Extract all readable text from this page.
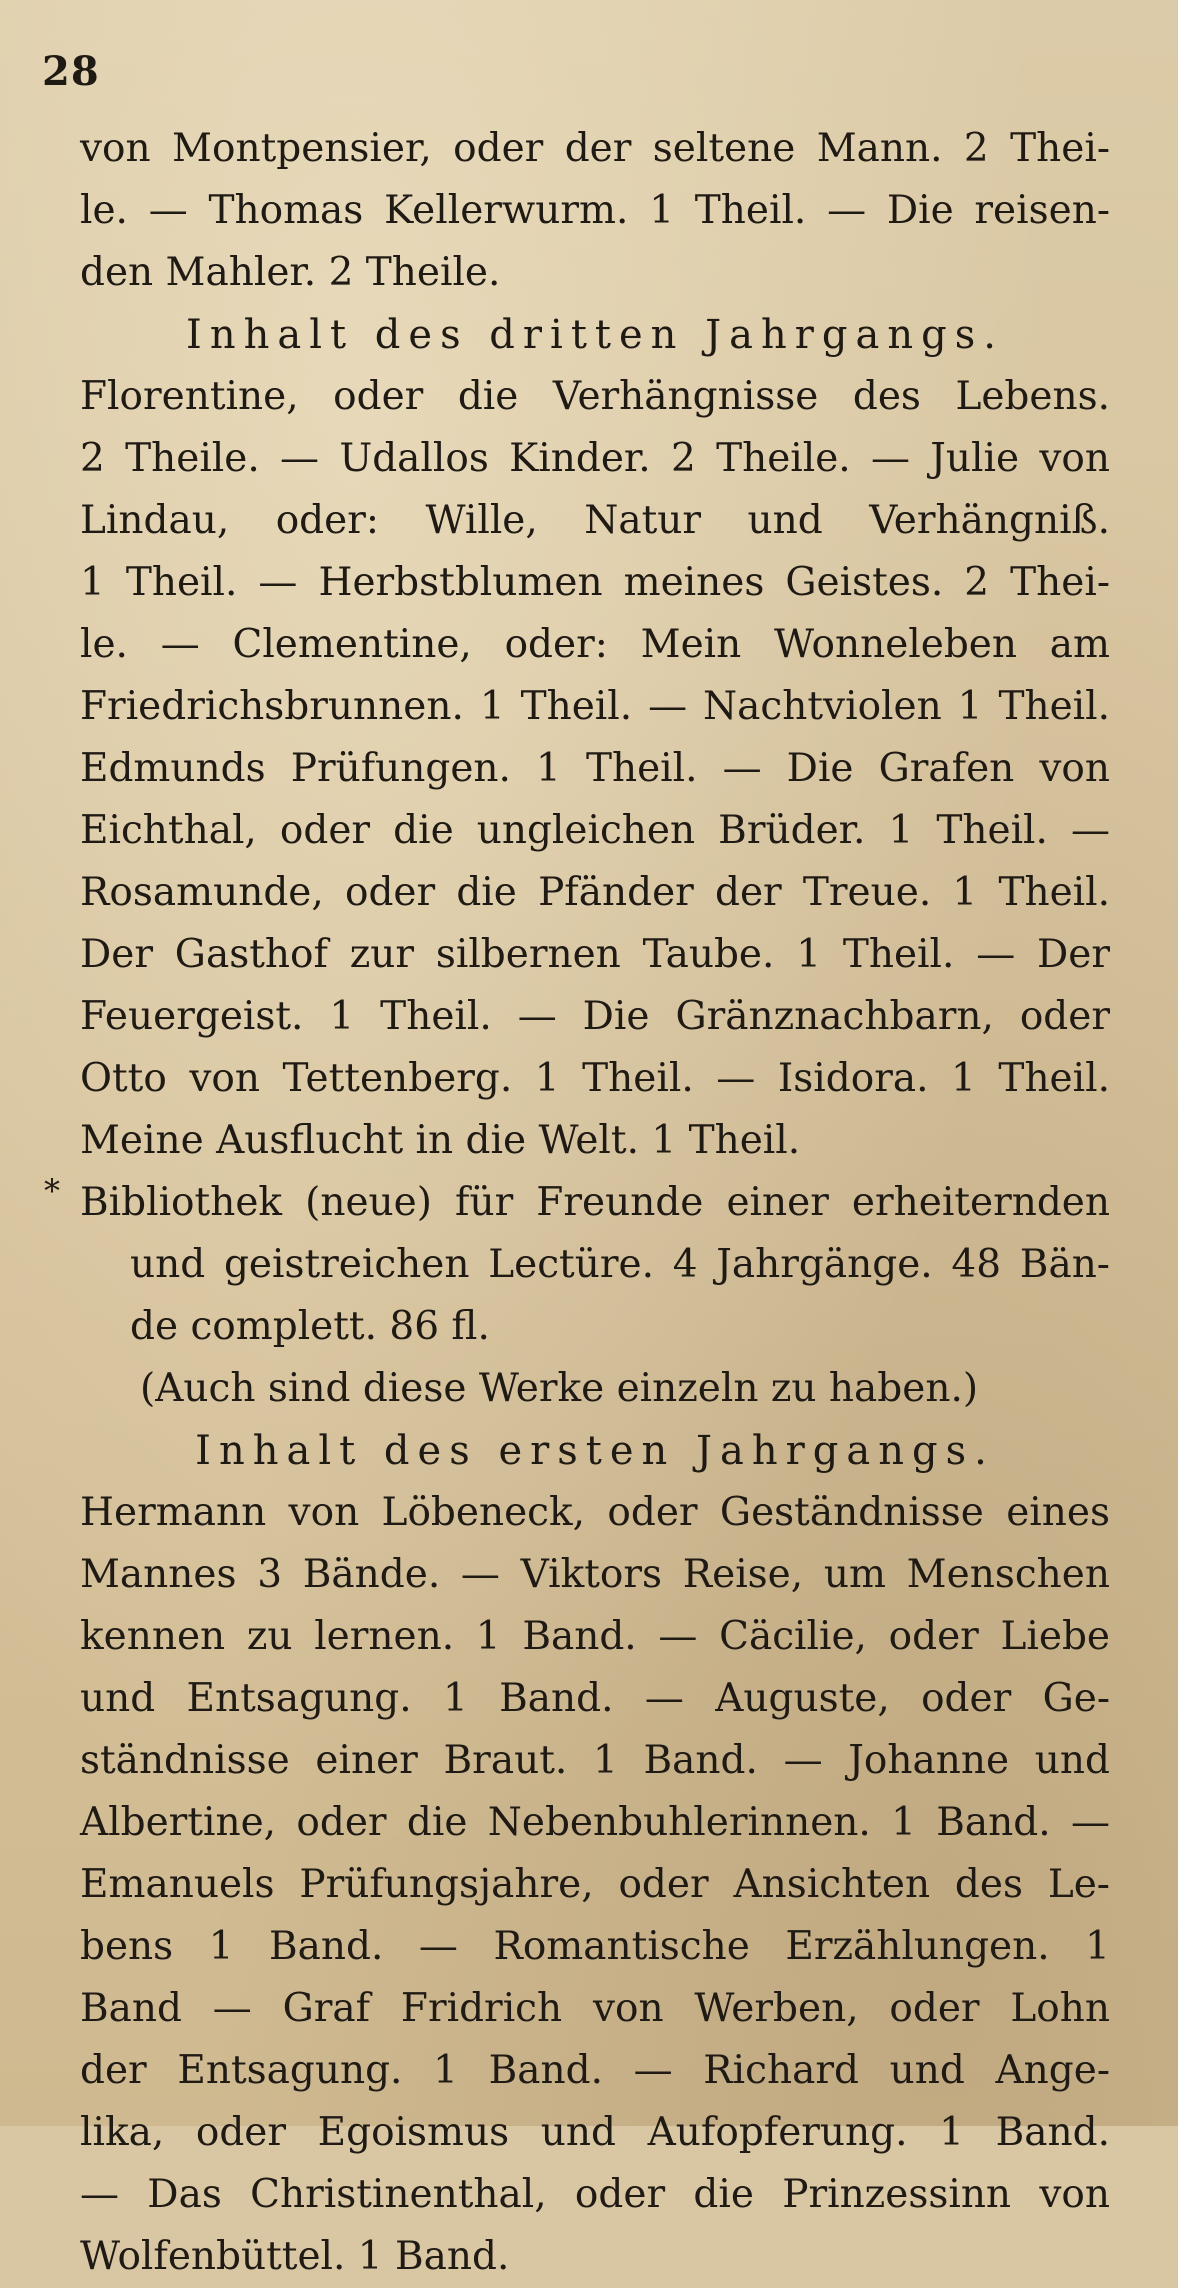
28
von Montpensier, oder der seltene Mann. 2 Thei-
le. — Thomas Kellerwurm. 1 Theil. — Die reisen-
den Mahler. 2 Theile.
Inhalt des dritten Jahrgangs.
Florentine, oder die Verhängnisse des Lebens.
2 Theile. — Udallos Kinder. 2 Theile. — Julie von
Lindau, oder: Wille, Natur und Verhängniß.
1 Theil. — Herbstblumen meines Geistes. 2 Thei-
le. — Clementine, oder: Mein Wonneleben am
Friedrichsbrunnen. 1 Theil. — Nachtviolen 1 Theil.
Edmunds Prüfungen. 1 Theil. — Die Grafen von
Eichthal, oder die ungleichen Brüder. 1 Theil. —
Rosamunde, oder die Pfänder der Treue. 1 Theil.
Der Gasthof zur silbernen Taube. 1 Theil. — Der
Feuergeist. 1 Theil. — Die Gränznachbarn, oder
Otto von Tettenberg. 1 Theil. — Isidora. 1 Theil.
Meine Ausflucht in die Welt. 1 Theil.
* Bibliothek (neue) für Freunde einer erheiternden
und geistreichen Lectüre. 4 Jahrgänge. 48 Bän-
de complett. 86 fl.
(Auch sind diese Werke einzeln zu haben.)
Inhalt des ersten Jahrgangs.
Hermann von Löbeneck, oder Geständnisse eines
Mannes 3 Bände. — Viktors Reise, um Menschen
kennen zu lernen. 1 Band. — Cäcilie, oder Liebe
und Entsagung. 1 Band. — Auguste, oder Ge-
ständnisse einer Braut. 1 Band. — Johanne und
Albertine, oder die Nebenbuhlerinnen. 1 Band. —
Emanuels Prüfungsjahre, oder Ansichten des Le-
bens 1 Band. — Romantische Erzählungen. 1
Band — Graf Fridrich von Werben, oder Lohn
der Entsagung. 1 Band. — Richard und Ange-
lika, oder Egoismus und Aufopferung. 1 Band.
— Das Christinenthal, oder die Prinzessinn von
Wolfenbüttel. 1 Band.
